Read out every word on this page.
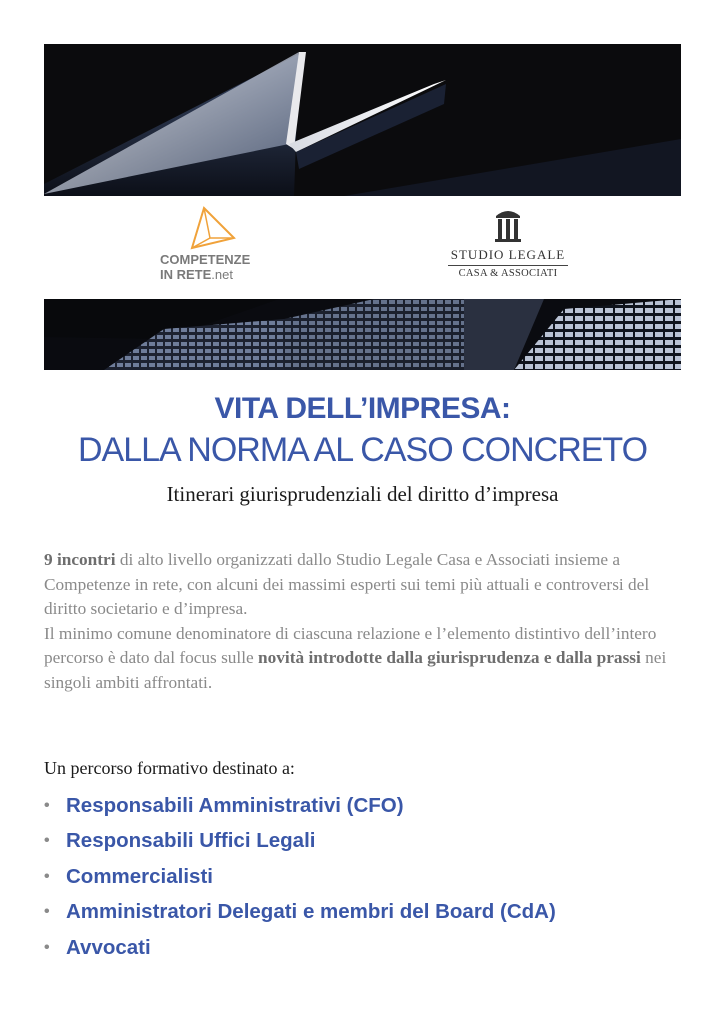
COMPETENZE
IN RETE.net
STUDIO LEGALE
CASA & ASSOCIATI
VITA DELL’IMPRESA:
DALLA NORMA AL CASO CONCRETO
Itinerari giurisprudenziali del diritto d’impresa
9 incontri di alto livello organizzati dallo Studio Legale Casa e Associati insieme a Competenze in rete, con alcuni dei massimi esperti sui temi più attuali e controversi del diritto societario e d’impresa.
Il minimo comune denominatore di ciascuna relazione e l’elemento distintivo dell’intero percorso è dato dal focus sulle novità introdotte dalla giurisprudenza e dalla prassi nei singoli ambiti affrontati.
Un percorso formativo destinato a:
• Responsabili Amministrativi (CFO)
• Responsabili Uffici Legali
• Commercialisti
• Amministratori Delegati e membri del Board (CdA)
• Avvocati
